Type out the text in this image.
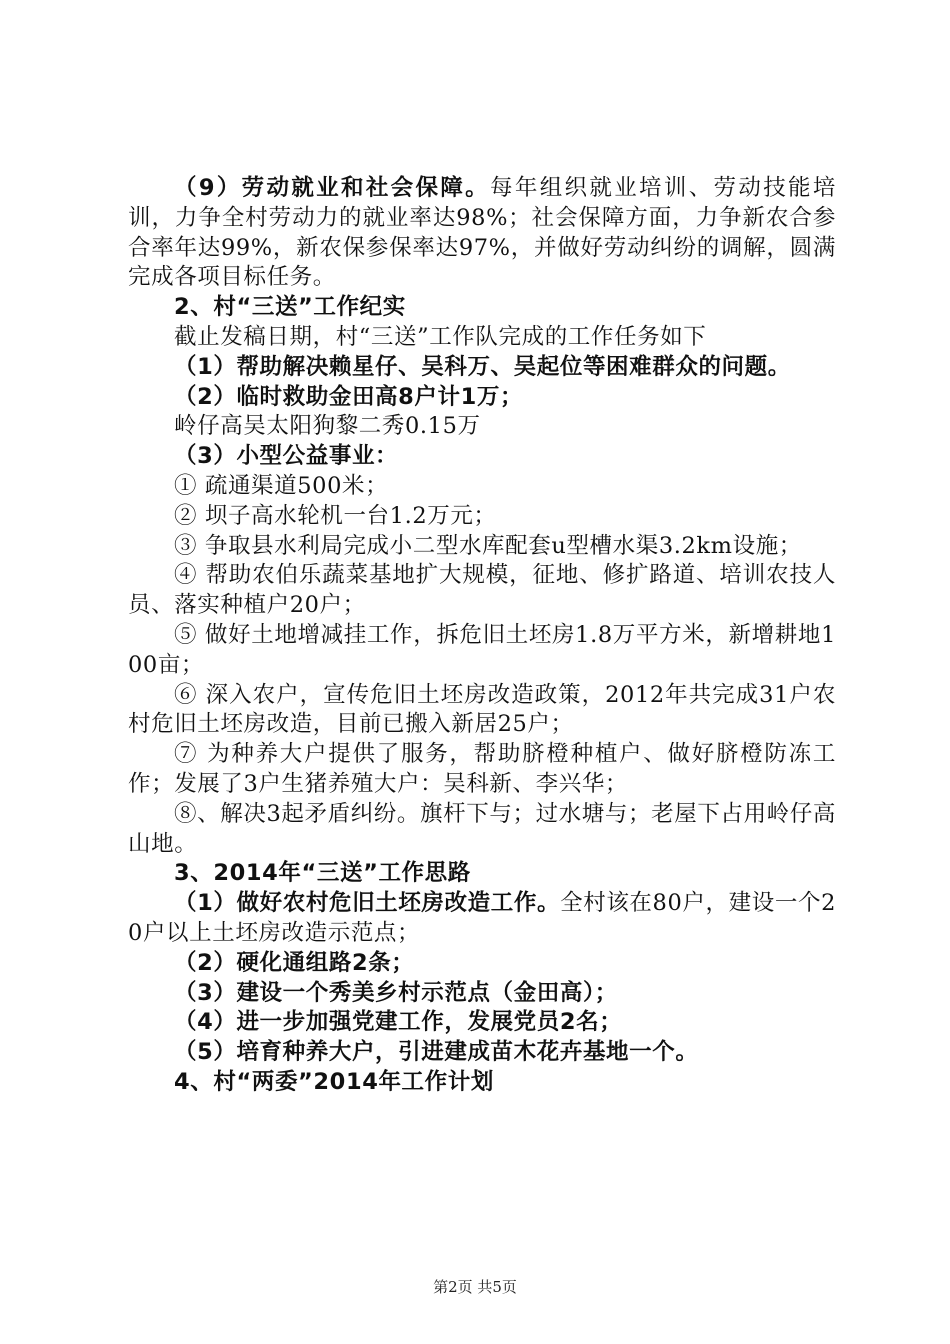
（9）劳动就业和社会保障。每年组织就业培训、劳动技能培训，力争全村劳动力的就业率达98%；社会保障方面，力争新农合参合率年达99%，新农保参保率达97%，并做好劳动纠纷的调解，圆满完成各项目标任务。

2、村“三送”工作纪实

截止发稿日期，村“三送”工作队完成的工作任务如下

（1）帮助解决赖星仔、吴科万、吴起位等困难群众的问题。

（2）临时救助金田高8户计1万；

岭仔高吴太阳狗黎二秀0.15万

（3）小型公益事业：

① 疏通渠道500米；

② 坝子高水轮机一台1.2万元；

③ 争取县水利局完成小二型水库配套u型槽水渠3.2km设施；

④ 帮助农伯乐蔬菜基地扩大规模，征地、修扩路道、培训农技人员、落实种植户20户；

⑤ 做好土地增减挂工作，拆危旧土坯房1.8万平方米，新增耕地100亩；

⑥ 深入农户，宣传危旧土坯房改造政策，2012年共完成31户农村危旧土坯房改造，目前已搬入新居25户；

⑦ 为种养大户提供了服务，帮助脐橙种植户、做好脐橙防冻工作；发展了3户生猪养殖大户：吴科新、李兴华；

⑧、解决3起矛盾纠纷。旗杆下与；过水塘与；老屋下占用岭仔高山地。

3、2014年“三送”工作思路

（1）做好农村危旧土坯房改造工作。全村该在80户，建设一个20户以上土坯房改造示范点；

（2）硬化通组路2条；

（3）建设一个秀美乡村示范点（金田高）；

（4）进一步加强党建工作，发展党员2名；

（5）培育种养大户，引进建成苗木花卉基地一个。

4、村“两委”2014年工作计划

第2页 共5页
